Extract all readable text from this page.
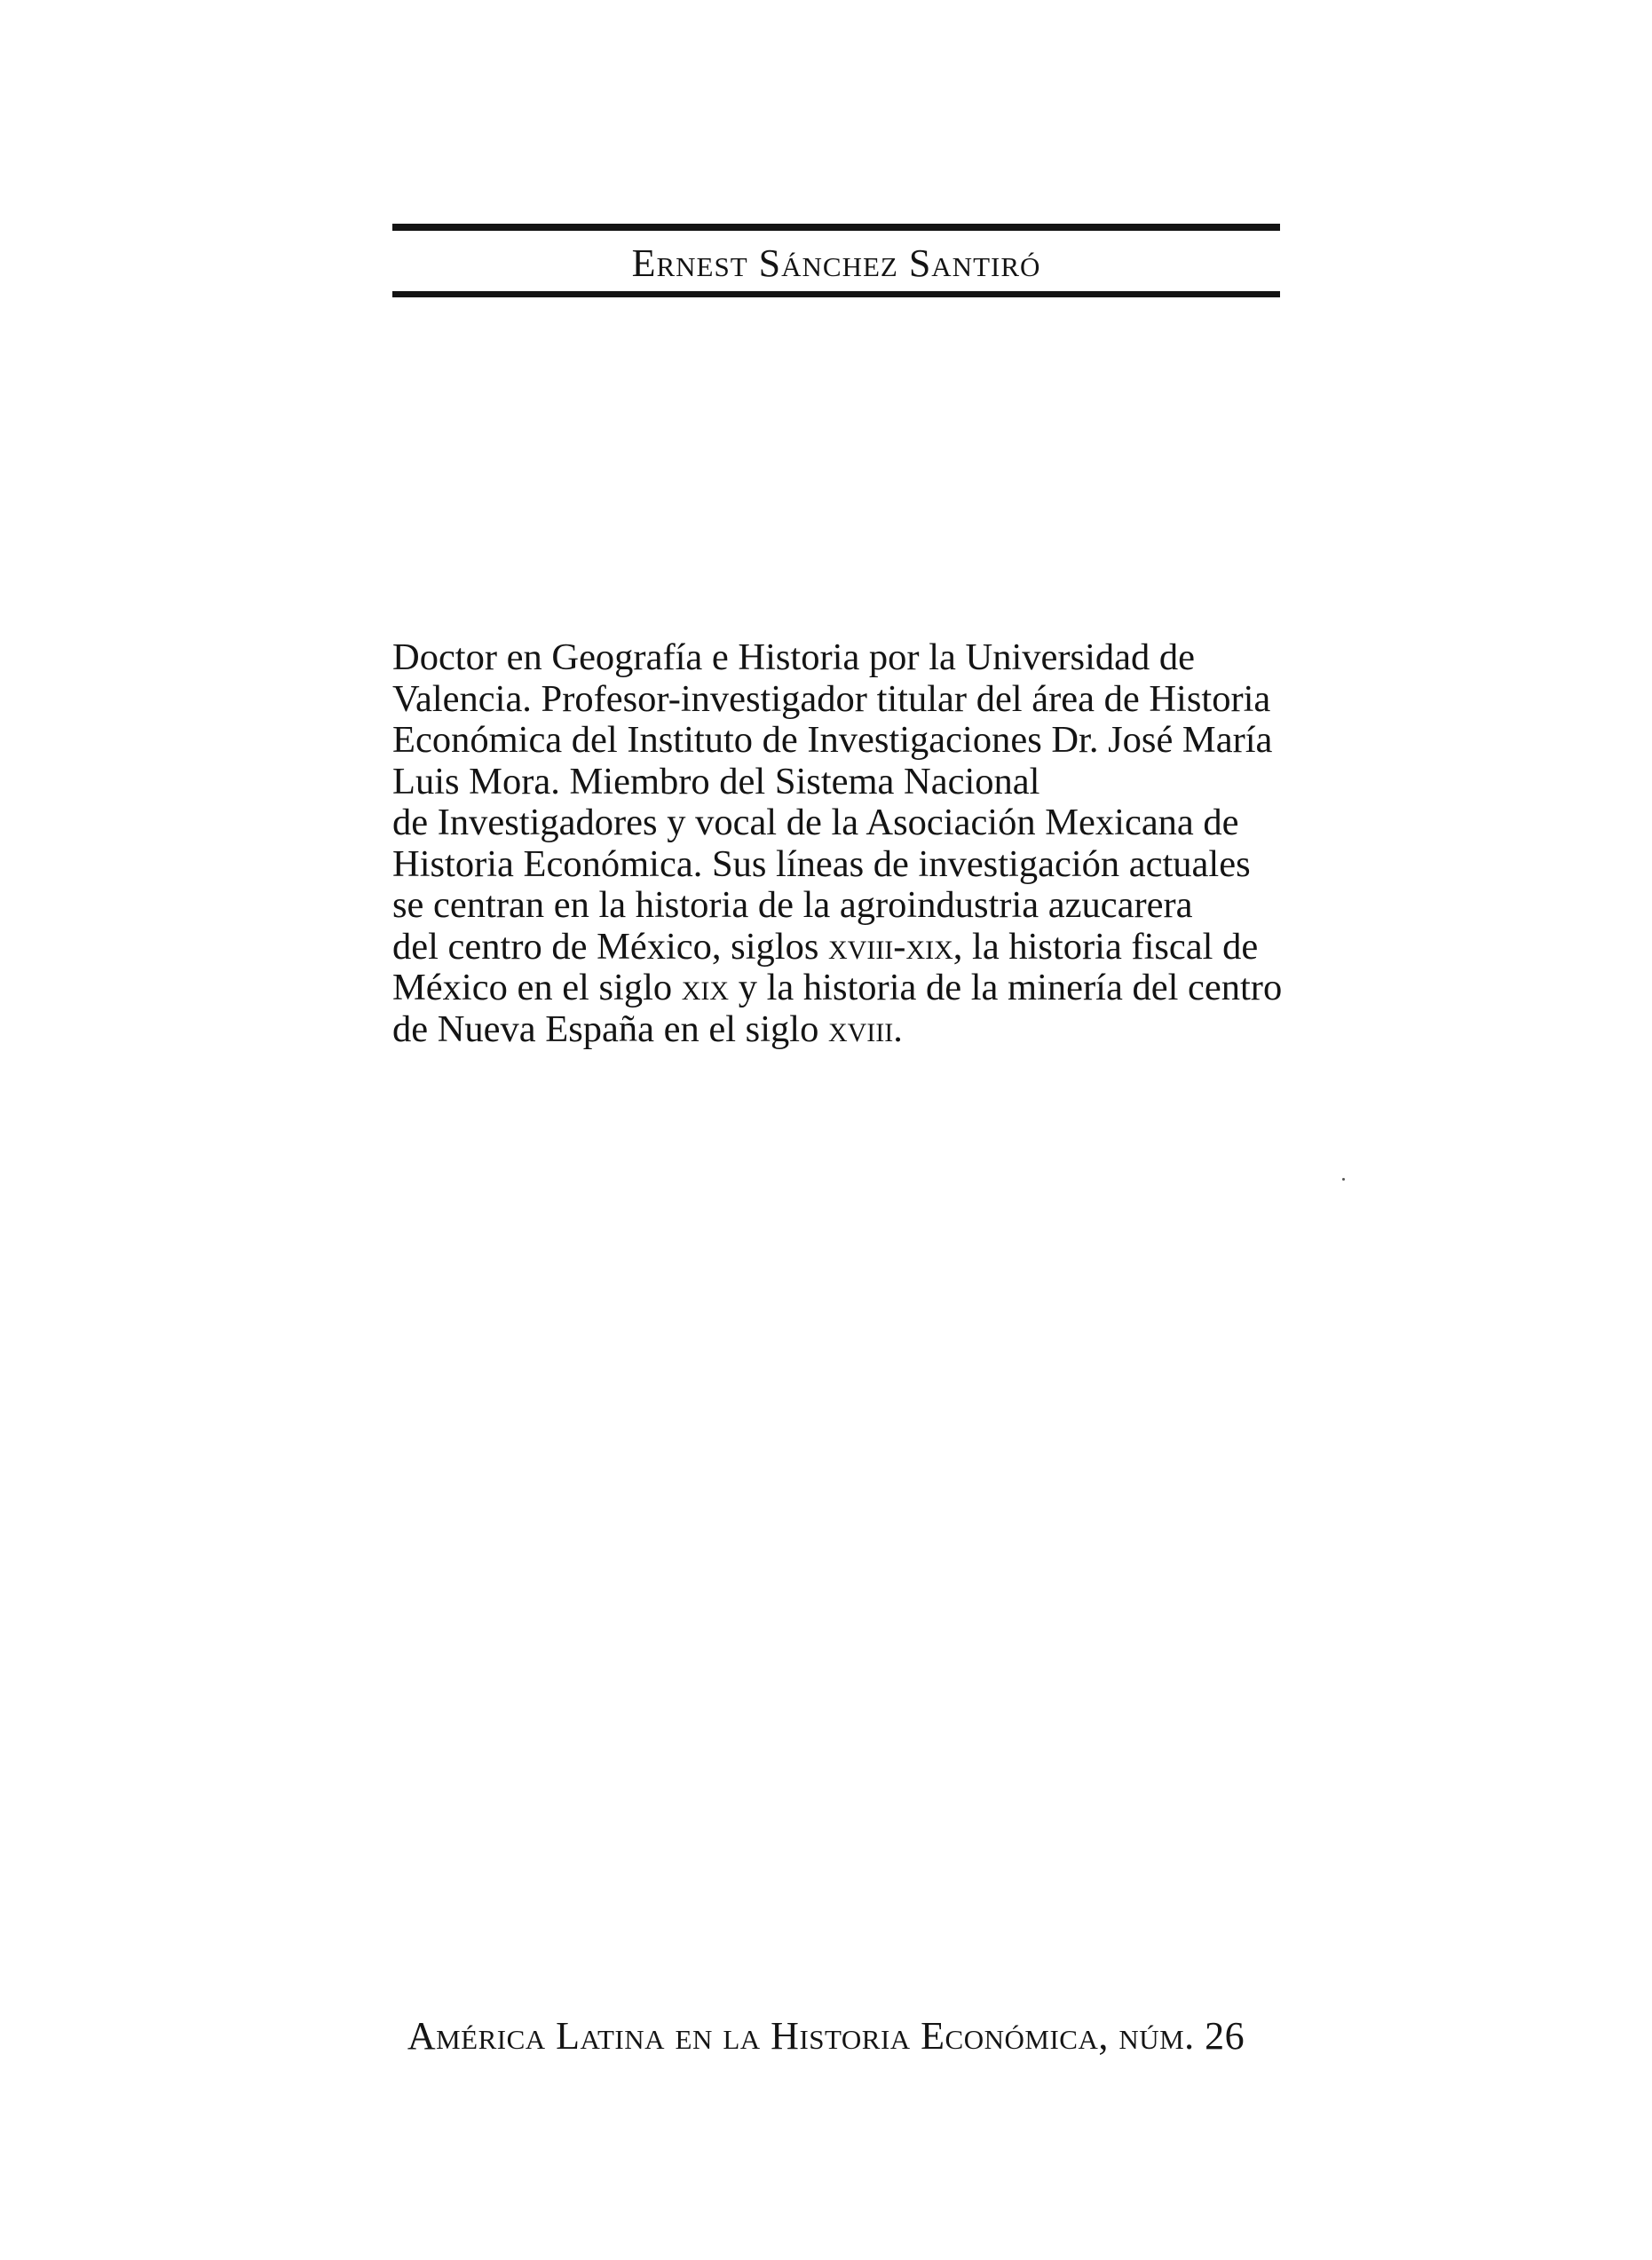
Ernest Sánchez Santiró

Doctor en Geografía e Historia por la Universidad de
Valencia. Profesor-investigador titular del área de Historia
Económica del Instituto de Investigaciones Dr. José María
Luis Mora. Miembro del Sistema Nacional
de Investigadores y vocal de la Asociación Mexicana de
Historia Económica. Sus líneas de investigación actuales
se centran en la historia de la agroindustria azucarera
del centro de México, siglos xviii-xix, la historia fiscal de
México en el siglo xix y la historia de la minería del centro
de Nueva España en el siglo xviii.

América Latina en la Historia Económica, núm. 26
